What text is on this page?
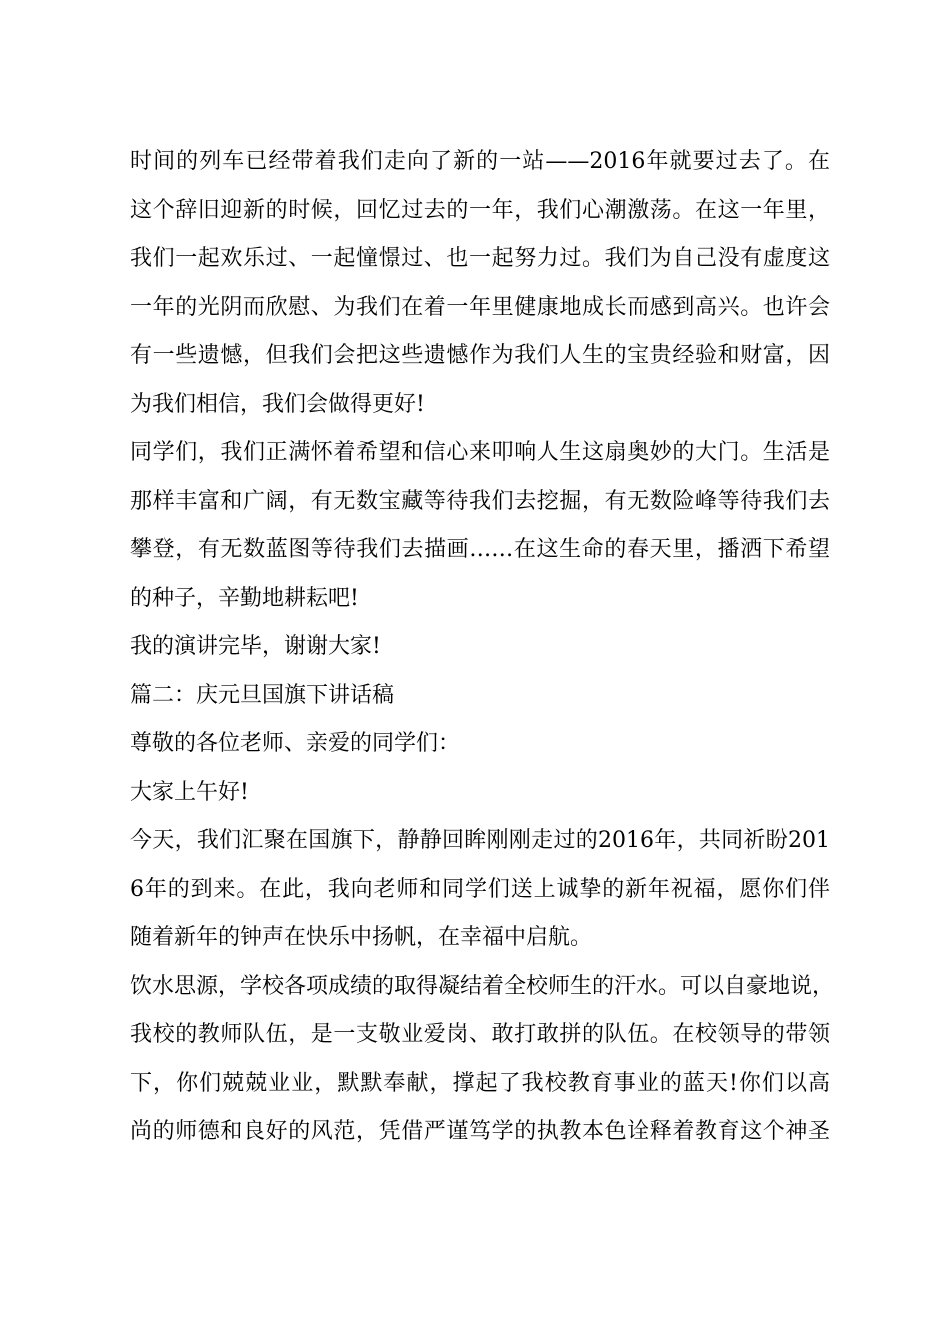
时间的列车已经带着我们走向了新的一站——2016年就要过去了。在
这个辞旧迎新的时候，回忆过去的一年，我们心潮激荡。在这一年里，
我们一起欢乐过、一起憧憬过、也一起努力过。我们为自己没有虚度这
一年的光阴而欣慰、为我们在着一年里健康地成长而感到高兴。也许会
有一些遗憾，但我们会把这些遗憾作为我们人生的宝贵经验和财富，因
为我们相信，我们会做得更好!
同学们，我们正满怀着希望和信心来叩响人生这扇奥妙的大门。生活是
那样丰富和广阔，有无数宝藏等待我们去挖掘，有无数险峰等待我们去
攀登，有无数蓝图等待我们去描画……在这生命的春天里，播洒下希望
的种子，辛勤地耕耘吧!
我的演讲完毕，谢谢大家!
篇二：庆元旦国旗下讲话稿
尊敬的各位老师、亲爱的同学们：
大家上午好!
今天，我们汇聚在国旗下，静静回眸刚刚走过的2016年，共同祈盼201
6年的到来。在此，我向老师和同学们送上诚挚的新年祝福，愿你们伴
随着新年的钟声在快乐中扬帆，在幸福中启航。
饮水思源，学校各项成绩的取得凝结着全校师生的汗水。可以自豪地说，
我校的教师队伍，是一支敬业爱岗、敢打敢拼的队伍。在校领导的带领
下，你们兢兢业业，默默奉献，撑起了我校教育事业的蓝天!你们以高
尚的师德和良好的风范，凭借严谨笃学的执教本色诠释着教育这个神圣
